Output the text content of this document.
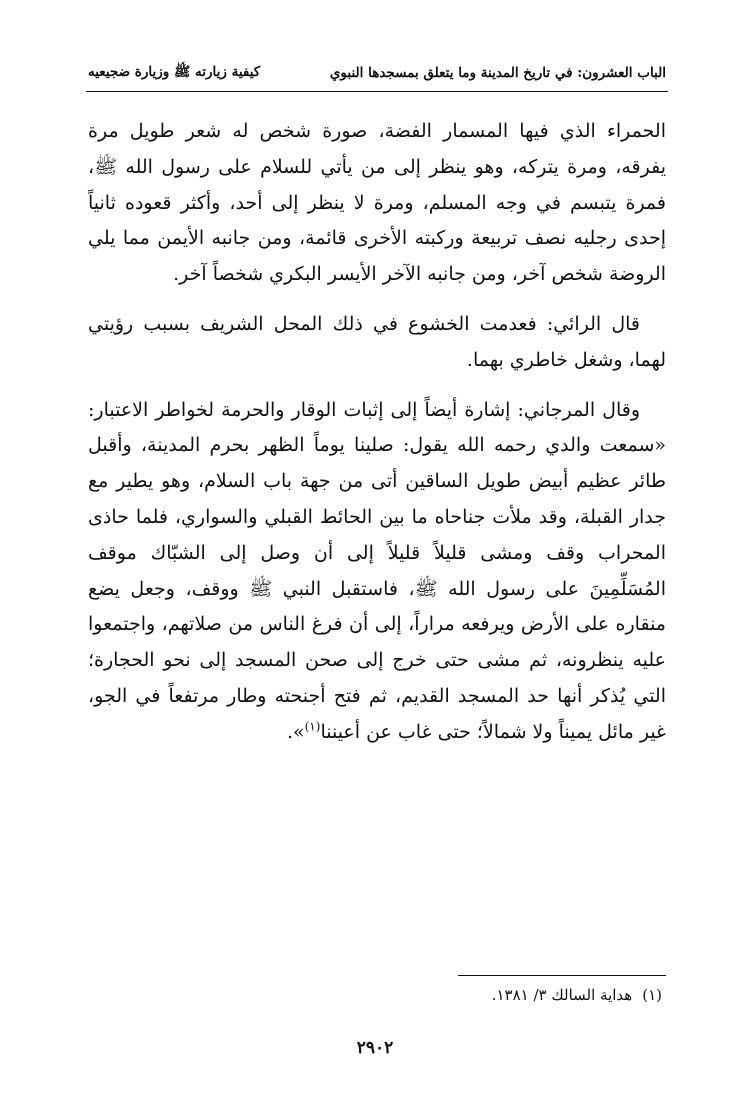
الباب العشرون: في تاريخ المدينة وما يتعلق بمسجدها النبوي
كيفية زيارته ﷺ وزيارة ضجيعيه

الحمراء الذي فيها المسمار الفضة، صورة شخص له شعر طويل مرة يفرقه، ومرة يتركه، وهو ينظر إلى من يأتي للسلام على رسول الله ﷺ، فمرة يتبسم في وجه المسلم، ومرة لا ينظر إلى أحد، وأكثر قعوده ثانياً إحدى رجليه نصف تربيعة وركبته الأخرى قائمة، ومن جانبه الأيمن مما يلي الروضة شخص آخر، ومن جانبه الآخر الأيسر البكري شخصاً آخر.

قال الرائي: فعدمت الخشوع في ذلك المحل الشريف بسبب رؤيتي لهما، وشغل خاطري بهما.

وقال المرجاني: إشارة أيضاً إلى إثبات الوقار والحرمة لخواطر الاعتبار: «سمعت والدي رحمه الله يقول: صلينا يوماً الظهر بحرم المدينة، وأقبل طائر عظيم أبيض طويل الساقين أتى من جهة باب السلام، وهو يطير مع جدار القبلة، وقد ملأت جناحاه ما بين الحائط القبلي والسواري، فلما حاذى المحراب وقف ومشى قليلاً قليلاً إلى أن وصل إلى الشبّاك موقف المُسَلِّمِينَ على رسول الله ﷺ، فاستقبل النبي ﷺ ووقف، وجعل يضع منقاره على الأرض ويرفعه مراراً، إلى أن فرغ الناس من صلاتهم، واجتمعوا عليه ينظرونه، ثم مشى حتى خرج إلى صحن المسجد إلى نحو الحجارة؛ التي يُذكر أنها حد المسجد القديم، ثم فتح أجنحته وطار مرتفعاً في الجو، غير مائل يميناً ولا شمالاً؛ حتى غاب عن أعيننا$^{(١)}$».

(١)هداية السالك ٣/ ١٣٨١.
٢٩٠٢
